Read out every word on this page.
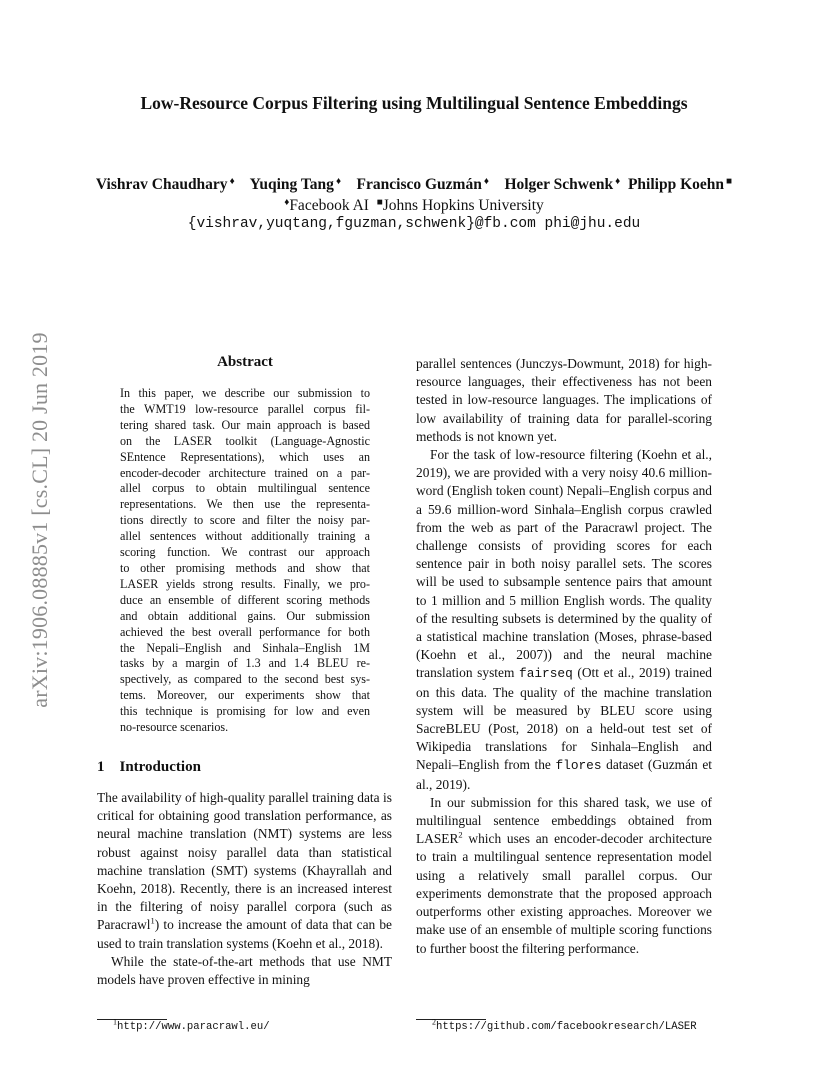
arXiv:1906.08885v1 [cs.CL] 20 Jun 2019
Low-Resource Corpus Filtering using Multilingual Sentence Embeddings
Vishrav Chaudhary ♦ Yuqing Tang ♦ Francisco Guzmán ♦ Holger Schwenk ♦ Philipp Koehn ■
♦Facebook AI ■Johns Hopkins University
{vishrav,yuqtang,fguzman,schwenk}@fb.com phi@jhu.edu
Abstract
In this paper, we describe our submission to
the WMT19 low-resource parallel corpus fil-
tering shared task. Our main approach is based
on the LASER toolkit (Language-Agnostic
SEntence Representations), which uses an
encoder-decoder architecture trained on a par-
allel corpus to obtain multilingual sentence
representations. We then use the representa-
tions directly to score and filter the noisy par-
allel sentences without additionally training a
scoring function. We contrast our approach
to other promising methods and show that
LASER yields strong results. Finally, we pro-
duce an ensemble of different scoring methods
and obtain additional gains. Our submission
achieved the best overall performance for both
the Nepali–English and Sinhala–English 1M
tasks by a margin of 1.3 and 1.4 BLEU re-
spectively, as compared to the second best sys-
tems. Moreover, our experiments show that
this technique is promising for low and even
no-resource scenarios.
1 Introduction

The availability of high-quality parallel training data is critical for obtaining good translation performance, as neural machine translation (NMT) systems are less robust against noisy parallel data than statistical machine translation (SMT) systems (Khayrallah and Koehn, 2018). Recently, there is an increased interest in the filtering of noisy parallel corpora (such as Paracrawl$^1$) to increase the amount of data that can be used to train translation systems (Koehn et al., 2018).

While the state-of-the-art methods that use NMT models have proven effective in mining

parallel sentences (Junczys-Dowmunt, 2018) for high-resource languages, their effectiveness has not been tested in low-resource languages. The implications of low availability of training data for parallel-scoring methods is not known yet.

For the task of low-resource filtering (Koehn et al., 2019), we are provided with a very noisy 40.6 million-word (English token count) Nepali–English corpus and a 59.6 million-word Sinhala–English corpus crawled from the web as part of the Paracrawl project. The challenge consists of providing scores for each sentence pair in both noisy parallel sets. The scores will be used to subsample sentence pairs that amount to 1 million and 5 million English words. The quality of the resulting subsets is determined by the quality of a statistical machine translation (Moses, phrase-based (Koehn et al., 2007)) and the neural machine translation system fairseq (Ott et al., 2019) trained on this data. The quality of the machine translation system will be measured by BLEU score using SacreBLEU (Post, 2018) on a held-out test set of Wikipedia translations for Sinhala–English and Nepali–English from the flores dataset (Guzmán et al., 2019).

In our submission for this shared task, we use of multilingual sentence embeddings obtained from LASER$^2$ which uses an encoder-decoder architecture to train a multilingual sentence representation model using a relatively small parallel corpus. Our experiments demonstrate that the proposed approach outperforms other existing approaches. Moreover we make use of an ensemble of multiple scoring functions to further boost the filtering performance.

$^1$http://www.paracrawl.eu/	$^2$https://github.com/facebookresearch/LASER
